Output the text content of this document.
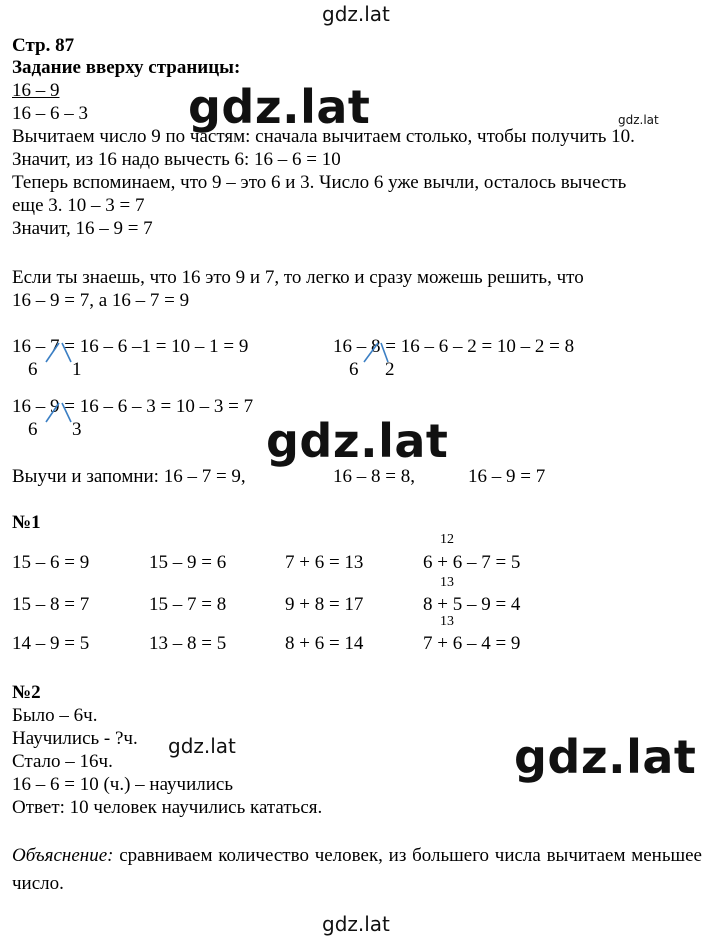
gdz.lat
gdz.lat	gdz.lat
gdz.lat
gdz.lat	gdz.lat
gdz.lat
Стр. 87
Задание вверху страницы:
16 – 9
16 – 6 – 3
Вычитаем число 9 по частям: сначала вычитаем столько, чтобы получить 10.
Значит, из 16 надо вычесть 6: 16 – 6 = 10
Теперь вспоминаем, что 9 – это 6 и 3. Число 6 уже вычли, осталось вычесть
еще 3. 10 – 3 = 7
Значит, 16 – 9 = 7
Если ты знаешь, что 16 это 9 и 7, то легко и сразу можешь решить, что
16 – 9 = 7, а 16 – 7 = 9
16 – 7 = 16 – 6 –1 = 10 – 1 = 9
6 1
16 – 8 = 16 – 6 – 2 = 10 – 2 = 8
6 2
16 – 9 = 16 – 6 – 3 = 10 – 3 = 7
6 3
Выучи и запомни: 16 – 7 = 9,	16 – 8 = 8,	16 – 9 = 7
№1
12
15 – 6 = 9	15 – 9 = 6	7 + 6 = 13	6 + 6 – 7 = 5
13
15 – 8 = 7	15 – 7 = 8	9 + 8 = 17	8 + 5 – 9 = 4
13
14 – 9 = 5	13 – 8 = 5	8 + 6 = 14	7 + 6 – 4 = 9
№2
Было – 6ч.
Научились - ?ч.
Стало – 16ч.
16 – 6 = 10 (ч.) – научились
Ответ: 10 человек научились кататься.
Объяснение: сравниваем количество человек, из большего числа вычитаем меньшее число.
